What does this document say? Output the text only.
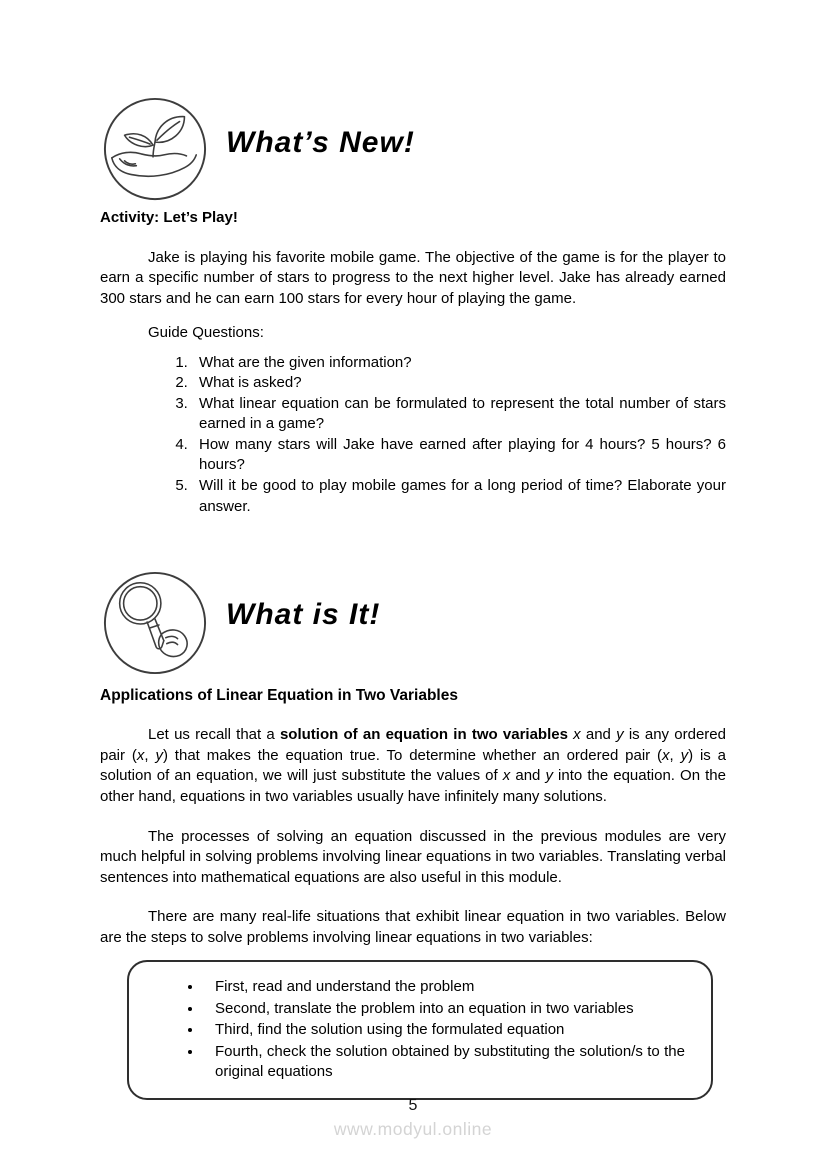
What’s New!
Activity: Let’s Play!

Jake is playing his favorite mobile game. The objective of the game is for the player to earn a specific number of stars to progress to the next higher level. Jake has already earned 300 stars and he can earn 100 stars for every hour of playing the game.

Guide Questions:
1. What are the given information?
2. What is asked?
3. What linear equation can be formulated to represent the total number of stars earned in a game?
4. How many stars will Jake have earned after playing for 4 hours? 5 hours? 6 hours?
5. Will it be good to play mobile games for a long period of time? Elaborate your answer.
What is It!
Applications of Linear Equation in Two Variables

Let us recall that a solution of an equation in two variables x and y is any ordered pair (x, y) that makes the equation true. To determine whether an ordered pair (x, y) is a solution of an equation, we will just substitute the values of x and y into the equation. On the other hand, equations in two variables usually have infinitely many solutions.

The processes of solving an equation discussed in the previous modules are very much helpful in solving problems involving linear equations in two variables. Translating verbal sentences into mathematical equations are also useful in this module.

There are many real-life situations that exhibit linear equation in two variables. Below are the steps to solve problems involving linear equations in two variables:

• First, read and understand the problem
• Second, translate the problem into an equation in two variables
• Third, find the solution using the formulated equation
• Fourth, check the solution obtained by substituting the solution/s to the original equations
5
www.modyul.online
